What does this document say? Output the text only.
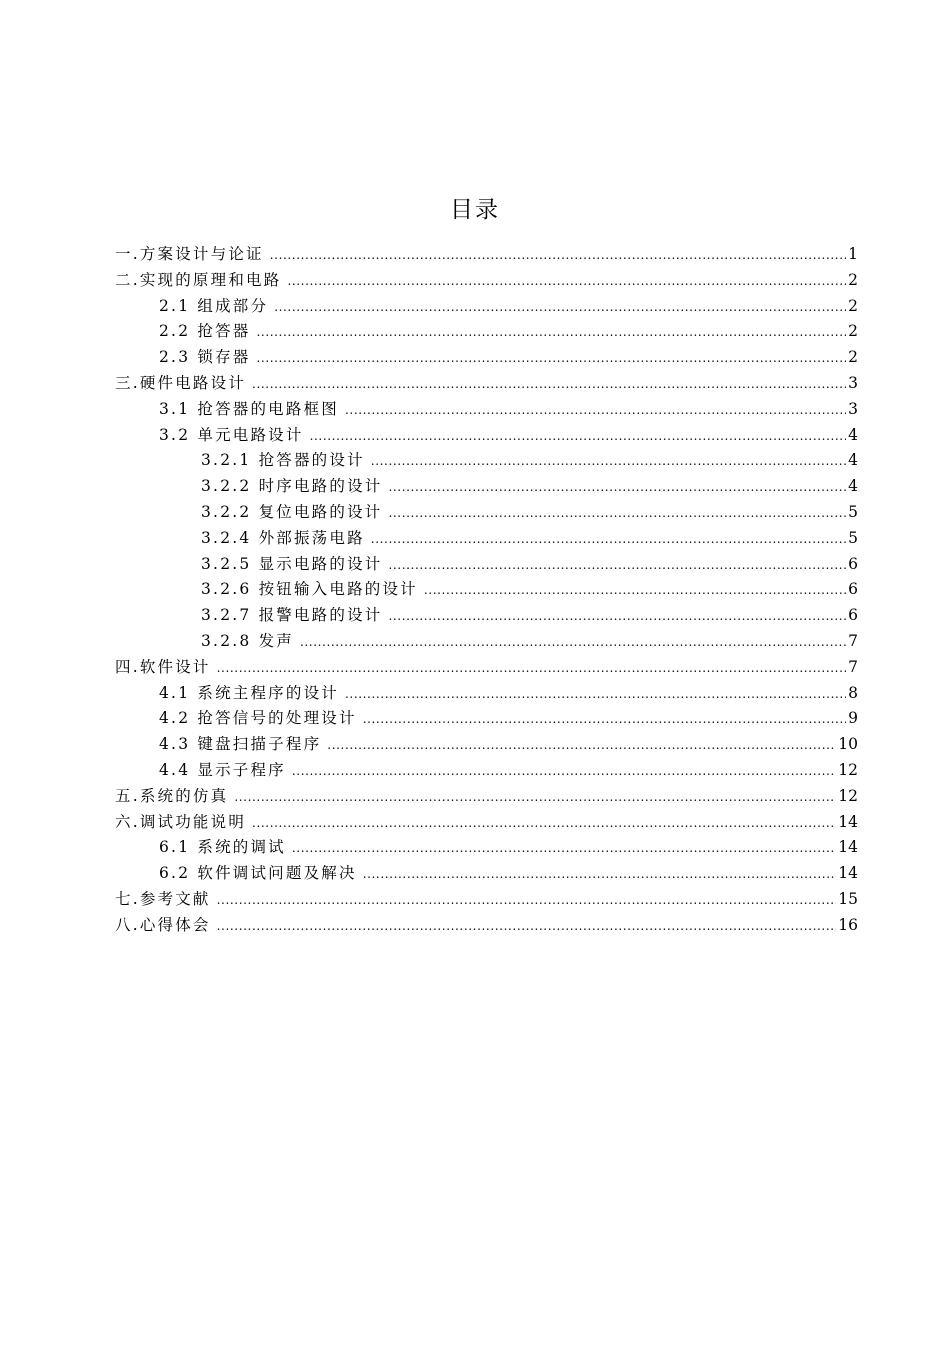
目录
一.方案设计与论证 .....	1
二.实现的原理和电路 .....	2
2.1 组成部分 .....	2
2.2 抢答器 .....	2
2.3 锁存器 .....	2
三.硬件电路设计 .....	3
3.1 抢答器的电路框图 .....	3
3.2 单元电路设计 .....	4
3.2.1 抢答器的设计 .....	4
3.2.2 时序电路的设计 .....	4
3.2.2 复位电路的设计 .....	5
3.2.4 外部振荡电路 .....	5
3.2.5 显示电路的设计 .....	6
3.2.6 按钮输入电路的设计 .....	6
3.2.7 报警电路的设计 .....	6
3.2.8 发声 .....	7
四.软件设计 .....	7
4.1 系统主程序的设计 .....	8
4.2 抢答信号的处理设计 .....	9
4.3 键盘扫描子程序 .....	10
4.4 显示子程序 .....	12
五.系统的仿真 .....	12
六.调试功能说明 .....	14
6.1 系统的调试 .....	14
6.2 软件调试问题及解决 .....	14
七.参考文献 .....	15
八.心得体会 .....	16
